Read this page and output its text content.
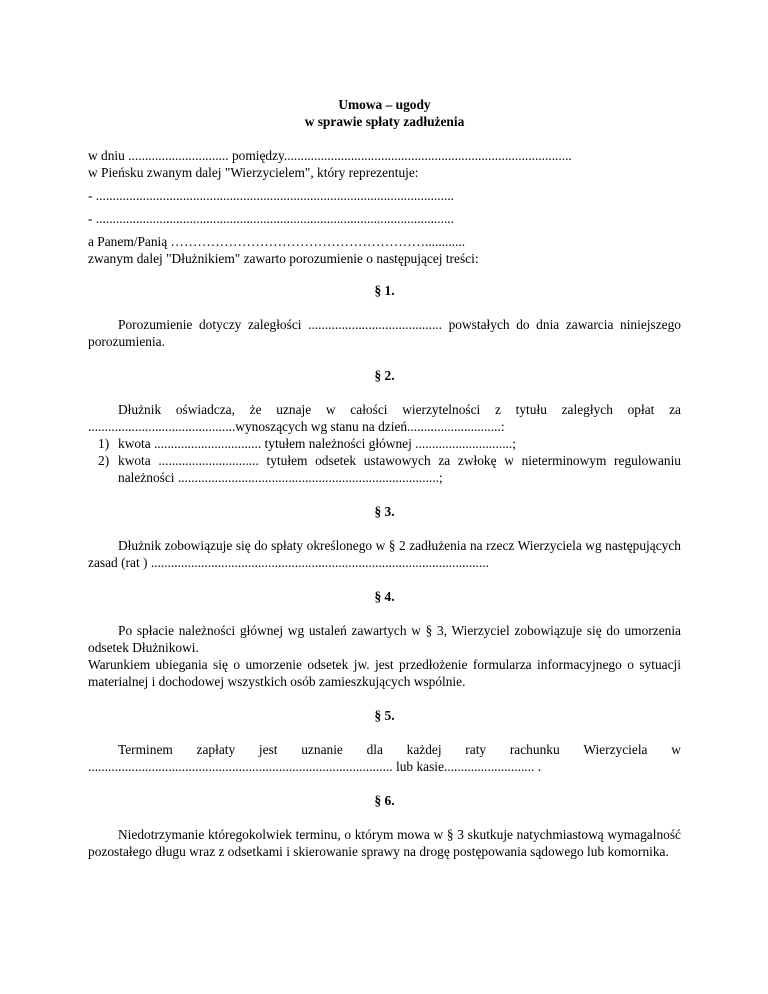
Umowa – ugody
w sprawie spłaty zadłużenia

w dniu .............................. pomiędzy......................................................................................

w Pieńsku zwanym dalej "Wierzycielem", który reprezentuje:

- ...........................................................................................................

- ...........................................................................................................

a Panem/Panią …………………………………………………............

zwanym dalej "Dłużnikiem" zawarto porozumienie o następującej treści:

§ 1.

Porozumienie dotyczy zaległości ........................................ powstałych do dnia zawarcia niniejszego porozumienia.

§ 2.

Dłużnik oświadcza, że uznaje w całości wierzytelności z tytułu zaległych opłat za ............................................wynoszących wg stanu na dzień............................:

1) kwota ................................ tytułem należności głównej .............................;
2) kwota .............................. tytułem odsetek ustawowych za zwłokę w nieterminowym regulowaniu należności ..............................................................................;
§ 3.

Dłużnik zobowiązuje się do spłaty określonego w § 2 zadłużenia na rzecz Wierzyciela wg następujących zasad (rat ) .....................................................................................................

§ 4.

Po spłacie należności głównej wg ustaleń zawartych w § 3, Wierzyciel zobowiązuje się do umorzenia odsetek Dłużnikowi.

Warunkiem ubiegania się o umorzenie odsetek jw. jest przedłożenie formularza informacyjnego o sytuacji materialnej i dochodowej wszystkich osób zamieszkujących wspólnie.

§ 5.
Terminem zapłaty jest uznanie dla każdej raty rachunku Wierzyciela w

........................................................................................... lub kasie........................... .

§ 6.

Niedotrzymanie któregokolwiek terminu, o którym mowa w § 3 skutkuje natychmiastową wymagalność pozostałego długu wraz z odsetkami i skierowanie sprawy na drogę postępowania sądowego lub komornika.
